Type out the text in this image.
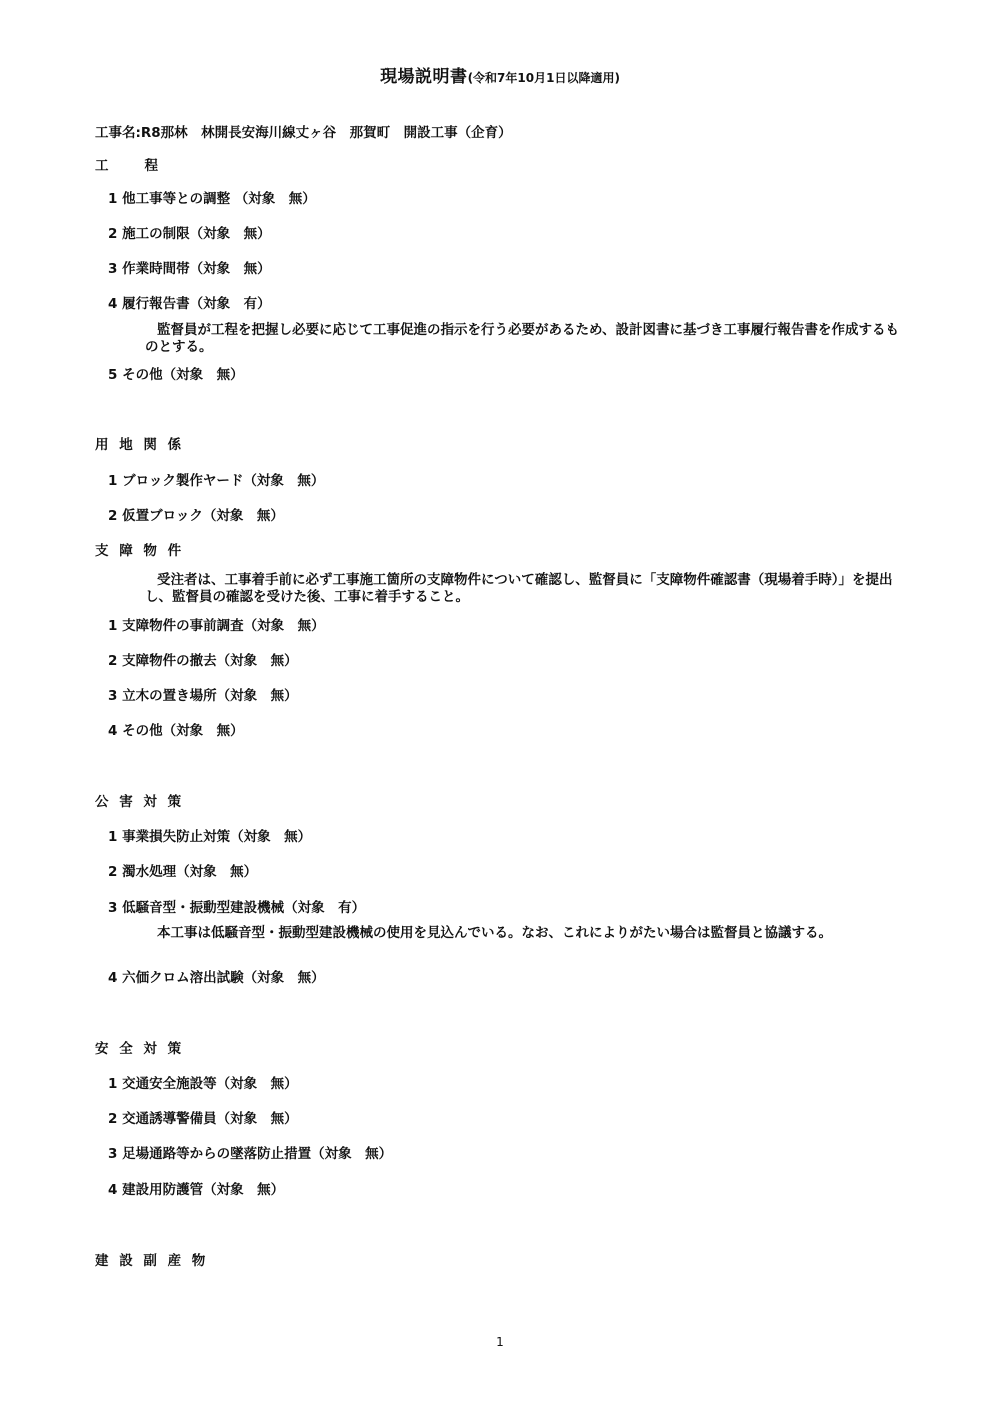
現場説明書(令和7年10月1日以降適用)
工事名:R8那林　林開長安海川線丈ヶ谷　那賀町　開設工事（企育）
工　　程
1 他工事等との調整 （対象　無）
2 施工の制限（対象　無）
3 作業時間帯（対象　無）
4 履行報告書（対象　有）
監督員が工程を把握し必要に応じて工事促進の指示を行う必要があるため、設計図書に基づき工事履行報告書を作成するものとする。
5 その他（対象　無）
用 地 関 係
1 ブロック製作ヤード（対象　無）
2 仮置ブロック（対象　無）
支 障 物 件
受注者は、工事着手前に必ず工事施工箇所の支障物件について確認し、監督員に「支障物件確認書（現場着手時）」を提出し、監督員の確認を受けた後、工事に着手すること。
1 支障物件の事前調査（対象　無）
2 支障物件の撤去（対象　無）
3 立木の置き場所（対象　無）
4 その他（対象　無）
公 害 対 策
1 事業損失防止対策（対象　無）
2 濁水処理（対象　無）
3 低騒音型・振動型建設機械（対象　有）
本工事は低騒音型・振動型建設機械の使用を見込んでいる。なお、これによりがたい場合は監督員と協議する。
4 六価クロム溶出試験（対象　無）
安 全 対 策
1 交通安全施設等（対象　無）
2 交通誘導警備員（対象　無）
3 足場通路等からの墜落防止措置（対象　無）
4 建設用防護管（対象　無）
建 設 副 産 物
1
